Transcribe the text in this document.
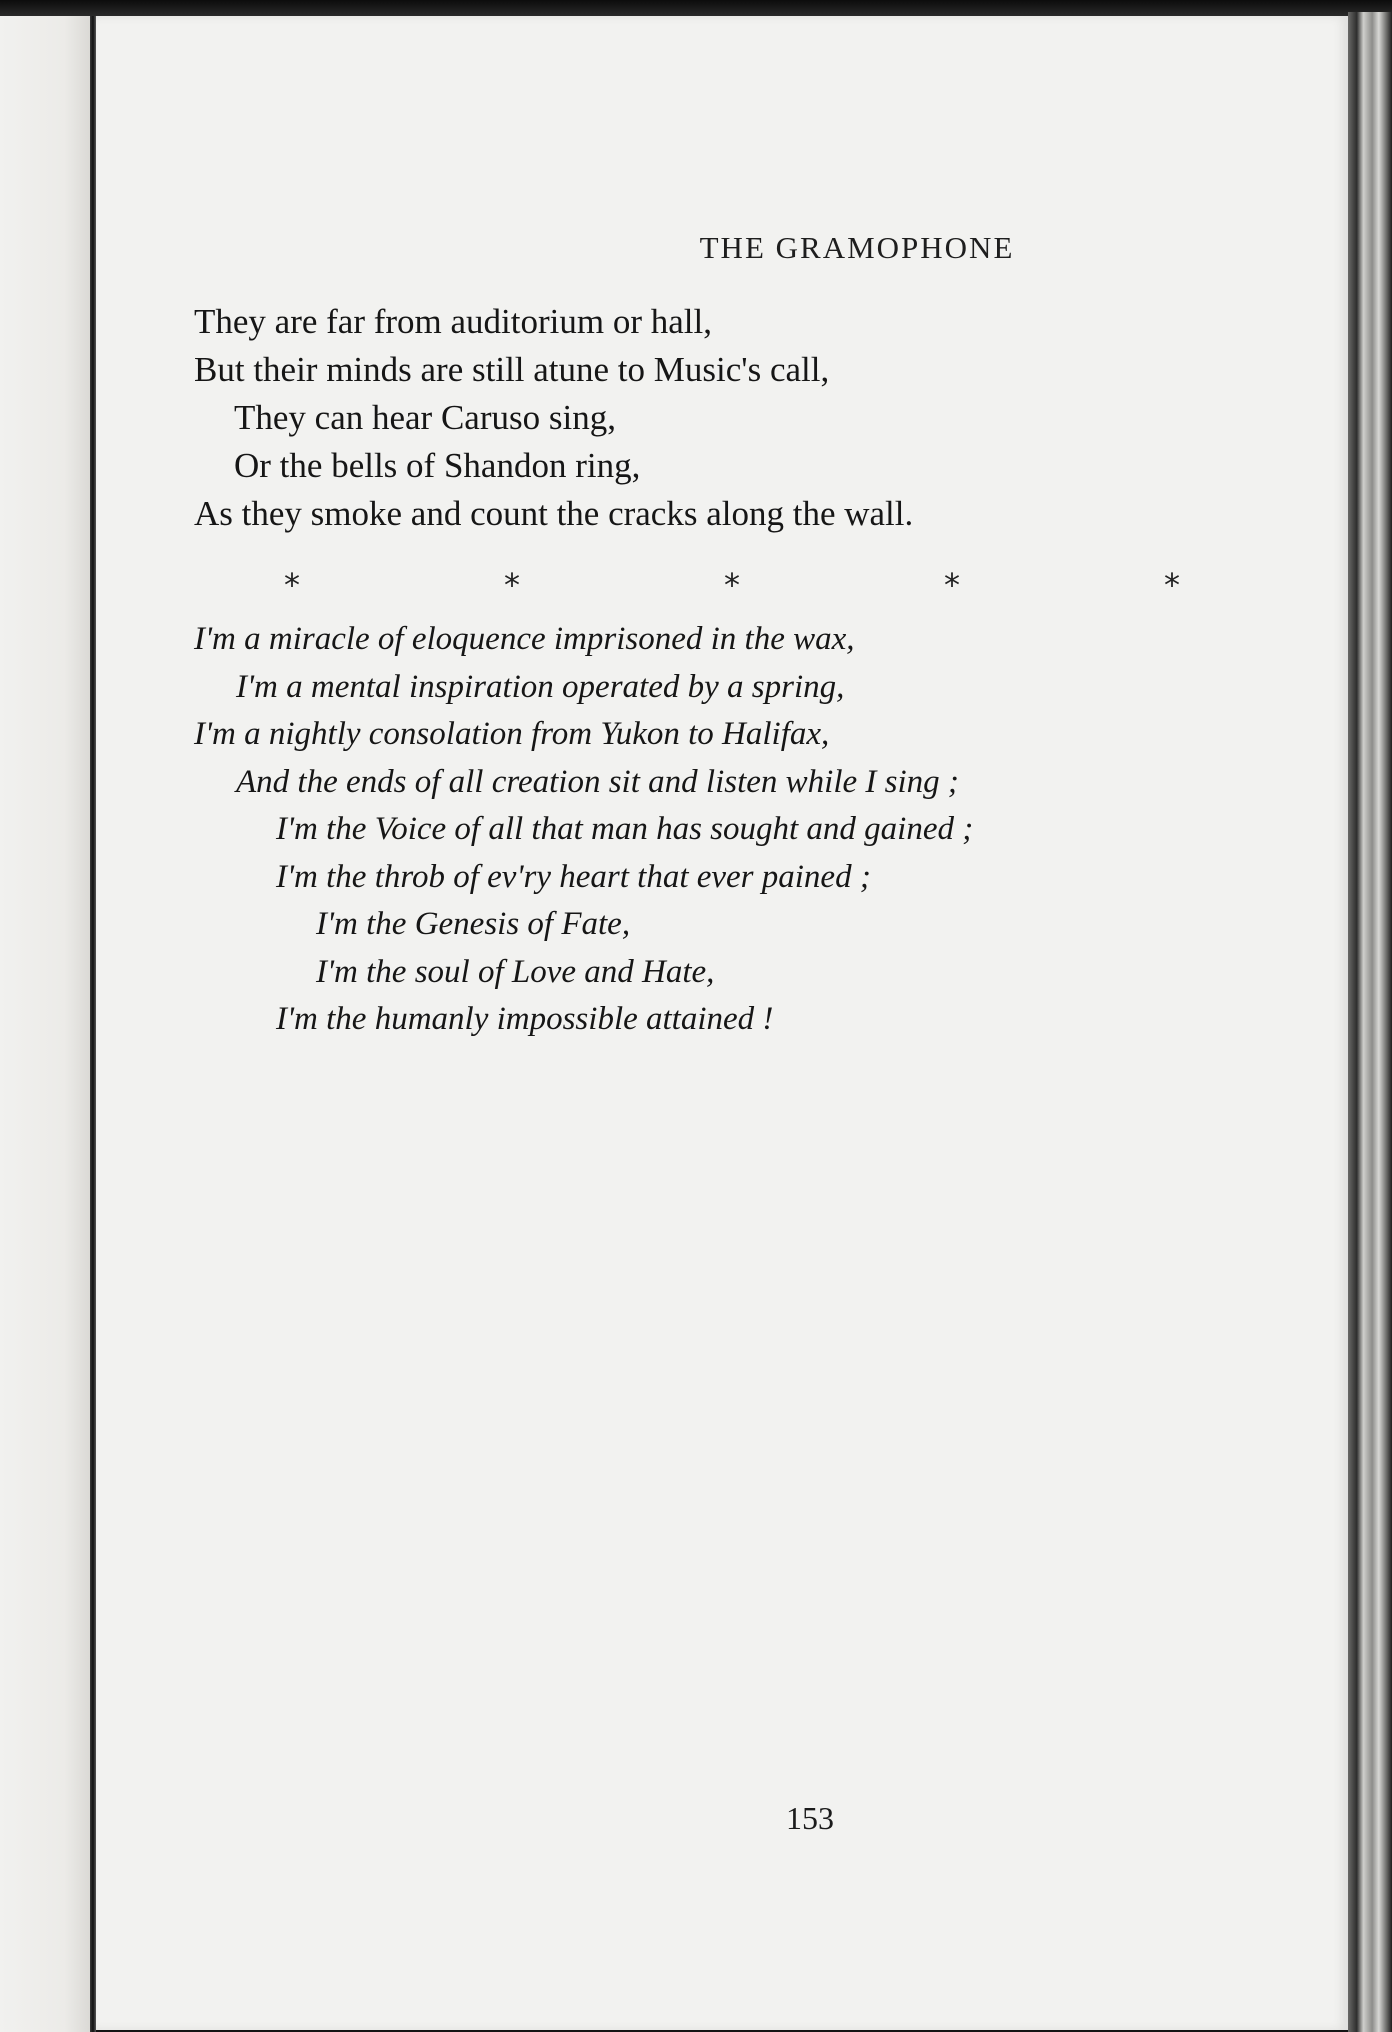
THE GRAMOPHONE
They are far from auditorium or hall,
But their minds are still atune to Music's call,
They can hear Caruso sing,
Or the bells of Shandon ring,
As they smoke and count the cracks along the wall.
*	*	*	*	*
I'm a miracle of eloquence imprisoned in the wax,
I'm a mental inspiration operated by a spring,
I'm a nightly consolation from Yukon to Halifax,
And the ends of all creation sit and listen while I sing ;
I'm the Voice of all that man has sought and gained ;
I'm the throb of ev'ry heart that ever pained ;
I'm the Genesis of Fate,
I'm the soul of Love and Hate,
I'm the humanly impossible attained !
153
